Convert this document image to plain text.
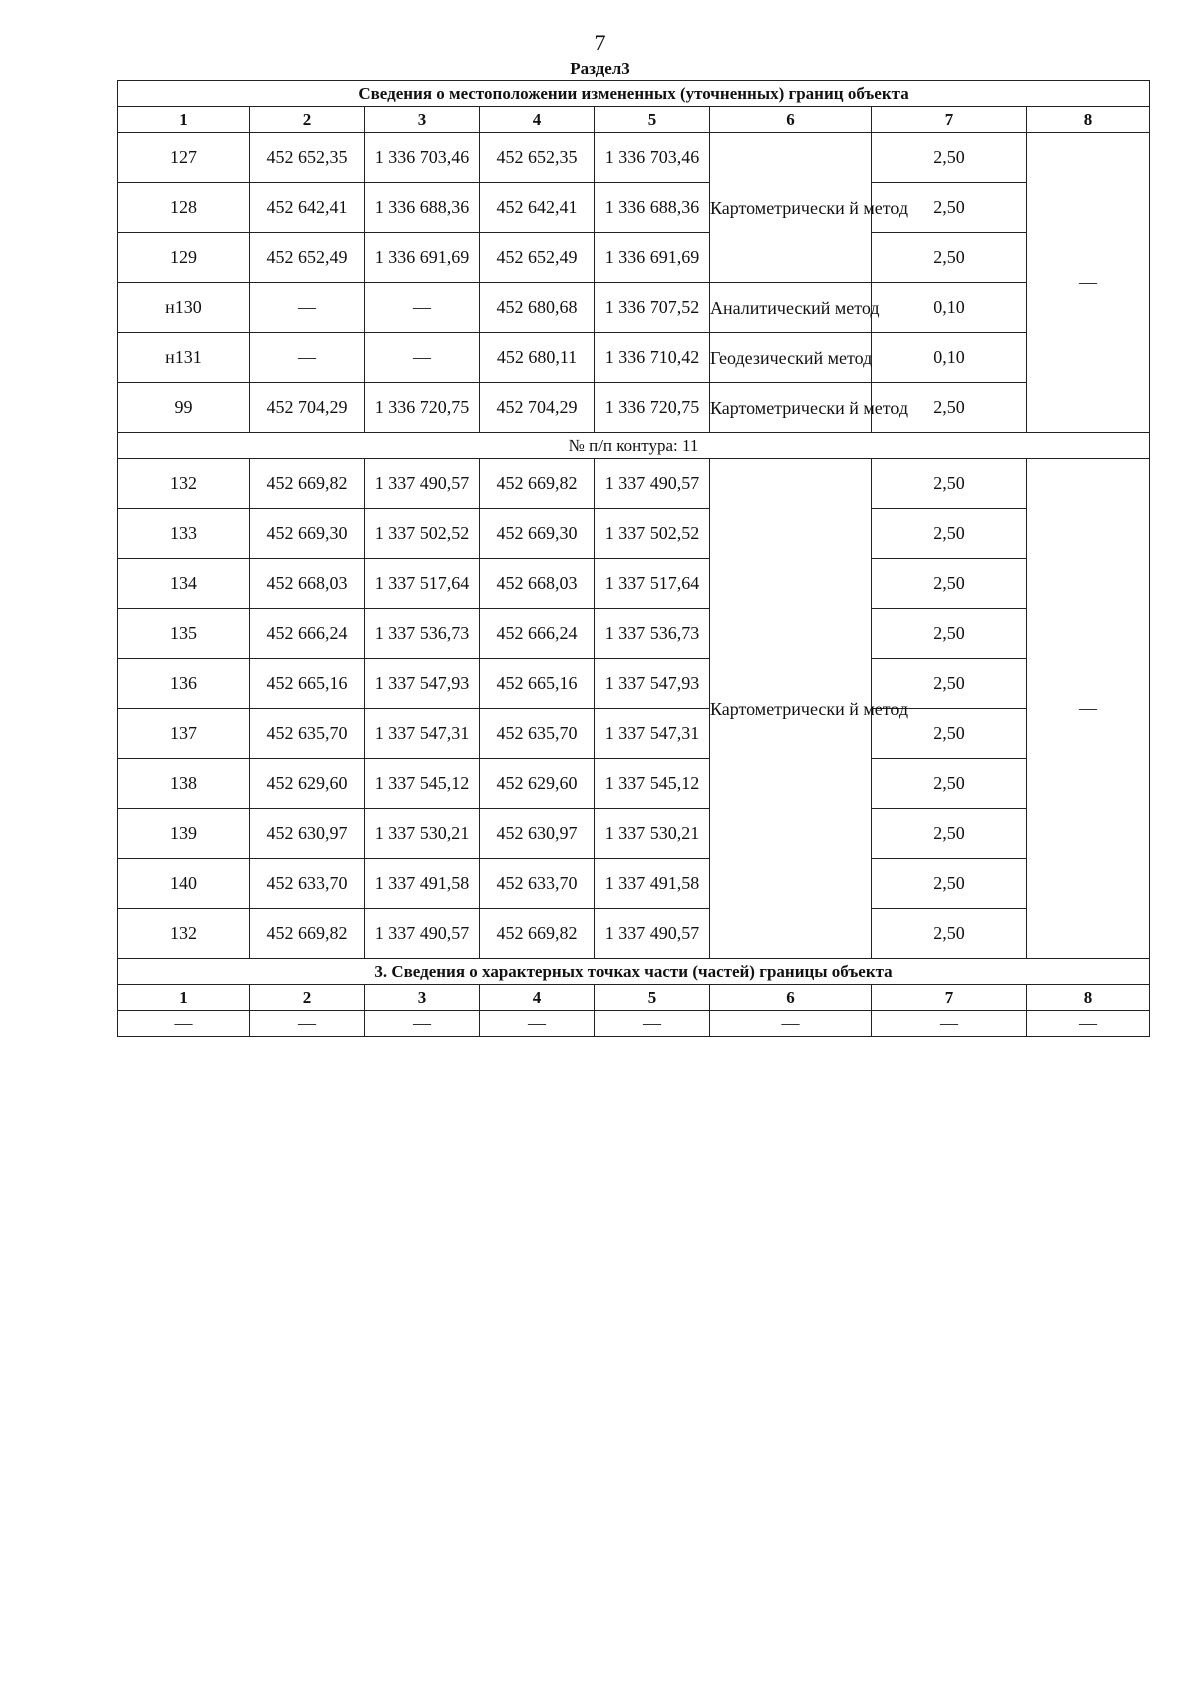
7
Раздел3
Сведения о местоположении измененных (уточненных) границ объекта							
1	2	3	4	5	6	7	8
127	452 652,35	1 336 703,46	452 652,35	1 336 703,46	Картометрически й метод	2,50	—
128	452 642,41	1 336 688,36	452 642,41	1 336 688,36		2,50	
129	452 652,49	1 336 691,69	452 652,49	1 336 691,69		2,50	
н130	—	—	452 680,68	1 336 707,52	Аналитический метод	0,10	
н131	—	—	452 680,11	1 336 710,42	Геодезический метод	0,10	
99	452 704,29	1 336 720,75	452 704,29	1 336 720,75	Картометрически й метод	2,50	
№ п/п контура: 11							
132	452 669,82	1 337 490,57	452 669,82	1 337 490,57	Картометрически й метод	2,50	—
133	452 669,30	1 337 502,52	452 669,30	1 337 502,52		2,50	
134	452 668,03	1 337 517,64	452 668,03	1 337 517,64		2,50	
135	452 666,24	1 337 536,73	452 666,24	1 337 536,73		2,50	
136	452 665,16	1 337 547,93	452 665,16	1 337 547,93		2,50	
137	452 635,70	1 337 547,31	452 635,70	1 337 547,31		2,50	
138	452 629,60	1 337 545,12	452 629,60	1 337 545,12		2,50	
139	452 630,97	1 337 530,21	452 630,97	1 337 530,21		2,50	
140	452 633,70	1 337 491,58	452 633,70	1 337 491,58		2,50	
132	452 669,82	1 337 490,57	452 669,82	1 337 490,57		2,50	
3. Сведения о характерных точках части (частей) границы объекта							
1	2	3	4	5	6	7	8
—	—	—	—	—	—	—	—
